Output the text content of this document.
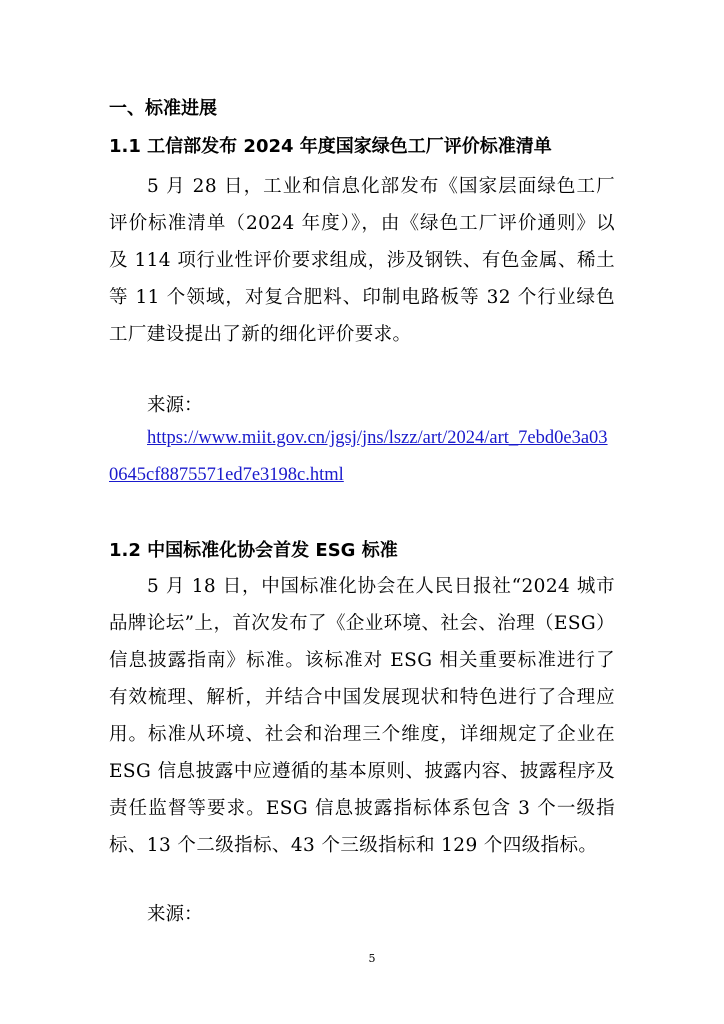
一、标准进展
1.1 工信部发布 2024 年度国家绿色工厂评价标准清单
5 月 28 日，工业和信息化部发布《国家层面绿色工厂评价标准清单（2024 年度）》，由《绿色工厂评价通则》以及 114 项行业性评价要求组成，涉及钢铁、有色金属、稀土等 11 个领域，对复合肥料、印制电路板等 32 个行业绿色工厂建设提出了新的细化评价要求。
来源：
https://www.miit.gov.cn/jgsj/jns/lszz/art/2024/art_7ebd0e3a030645cf8875571ed7e3198c.html
1.2 中国标准化协会首发 ESG 标准
5 月 18 日，中国标准化协会在人民日报社“2024 城市品牌论坛”上，首次发布了《企业环境、社会、治理（ESG）信息披露指南》标准。该标准对 ESG 相关重要标准进行了有效梳理、解析，并结合中国发展现状和特色进行了合理应用。标准从环境、社会和治理三个维度，详细规定了企业在 ESG 信息披露中应遵循的基本原则、披露内容、披露程序及责任监督等要求。ESG 信息披露指标体系包含 3 个一级指标、13 个二级指标、43 个三级指标和 129 个四级指标。
来源：
5
